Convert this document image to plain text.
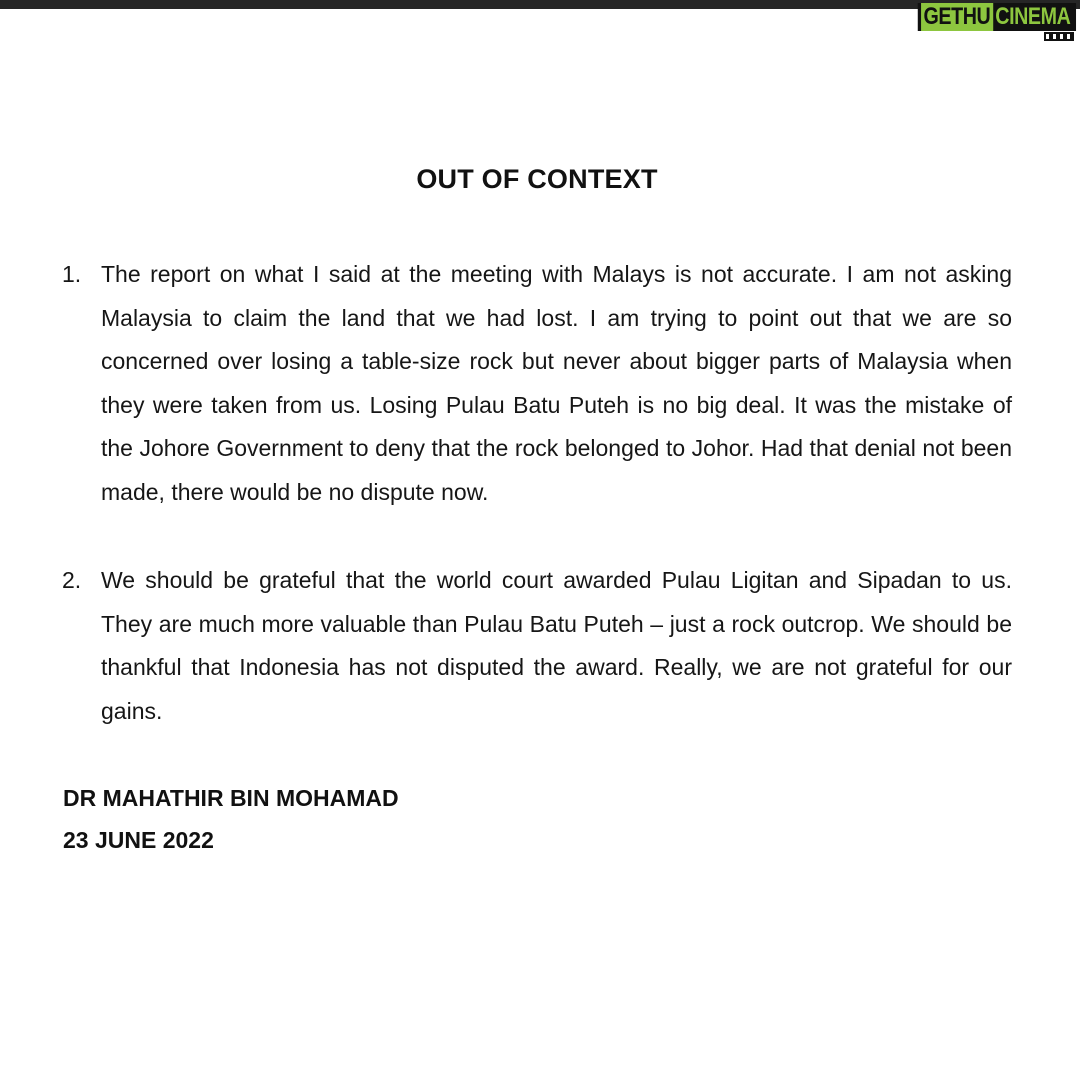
GETHU CINEMA
OUT OF CONTEXT
1. The report on what I said at the meeting with Malays is not accurate. I am not asking Malaysia to claim the land that we had lost. I am trying to point out that we are so concerned over losing a table-size rock but never about bigger parts of Malaysia when they were taken from us. Losing Pulau Batu Puteh is no big deal. It was the mistake of the Johore Government to deny that the rock belonged to Johor. Had that denial not been made, there would be no dispute now.
2. We should be grateful that the world court awarded Pulau Ligitan and Sipadan to us. They are much more valuable than Pulau Batu Puteh – just a rock outcrop. We should be thankful that Indonesia has not disputed the award. Really, we are not grateful for our gains.
DR MAHATHIR BIN MOHAMAD
23 JUNE 2022
